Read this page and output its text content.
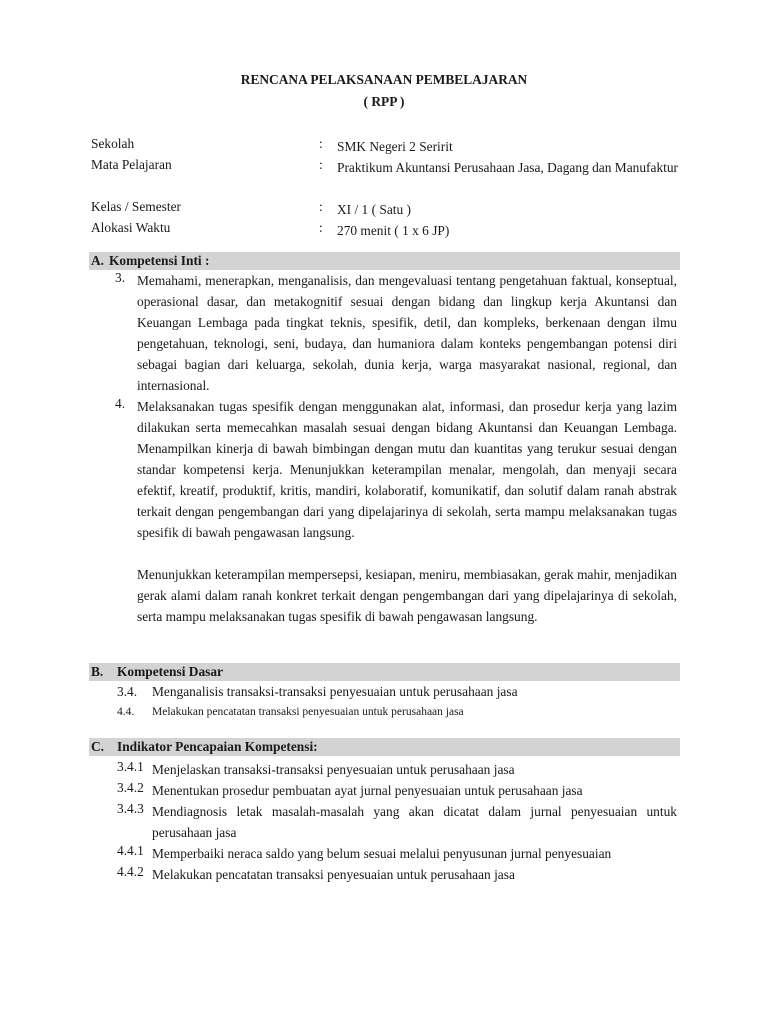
RENCANA PELAKSANAAN PEMBELAJARAN
( RPP )
Sekolah	: SMK Negeri 2 Seririt
Mata Pelajaran	: Praktikum Akuntansi Perusahaan Jasa, Dagang dan Manufaktur
Kelas / Semester	: XI / 1 ( Satu )
Alokasi Waktu	: 270 menit ( 1 x 6 JP)
A. Kompetensi Inti :
3. Memahami, menerapkan, menganalisis, dan mengevaluasi tentang pengetahuan faktual, konseptual, operasional dasar, dan metakognitif sesuai dengan bidang dan lingkup kerja Akuntansi dan Keuangan Lembaga pada tingkat teknis, spesifik, detil, dan kompleks, berkenaan dengan ilmu pengetahuan, teknologi, seni, budaya, dan humaniora dalam konteks pengembangan potensi diri sebagai bagian dari keluarga, sekolah, dunia kerja, warga masyarakat nasional, regional, dan internasional.
4. Melaksanakan tugas spesifik dengan menggunakan alat, informasi, dan prosedur kerja yang lazim dilakukan serta memecahkan masalah sesuai dengan bidang Akuntansi dan Keuangan Lembaga. Menampilkan kinerja di bawah bimbingan dengan mutu dan kuantitas yang terukur sesuai dengan standar kompetensi kerja. Menunjukkan keterampilan menalar, mengolah, dan menyaji secara efektif, kreatif, produktif, kritis, mandiri, kolaboratif, komunikatif, dan solutif dalam ranah abstrak terkait dengan pengembangan dari yang dipelajarinya di sekolah, serta mampu melaksanakan tugas spesifik di bawah pengawasan langsung.
Menunjukkan keterampilan mempersepsi, kesiapan, meniru, membiasakan, gerak mahir, menjadikan gerak alami dalam ranah konkret terkait dengan pengembangan dari yang dipelajarinya di sekolah, serta mampu melaksanakan tugas spesifik di bawah pengawasan langsung.
B. Kompetensi Dasar
3.4. Menganalisis transaksi-transaksi penyesuaian untuk perusahaan jasa
4.4. Melakukan pencatatan transaksi penyesuaian untuk perusahaan jasa
C. Indikator Pencapaian Kompetensi:
3.4.1 Menjelaskan transaksi-transaksi penyesuaian untuk perusahaan jasa
3.4.2 Menentukan prosedur pembuatan ayat jurnal penyesuaian untuk perusahaan jasa
3.4.3 Mendiagnosis letak masalah-masalah yang akan dicatat dalam jurnal penyesuaian untuk perusahaan jasa
4.4.1 Memperbaiki neraca saldo yang belum sesuai melalui penyusunan jurnal penyesuaian
4.4.2 Melakukan pencatatan transaksi penyesuaian untuk perusahaan jasa
